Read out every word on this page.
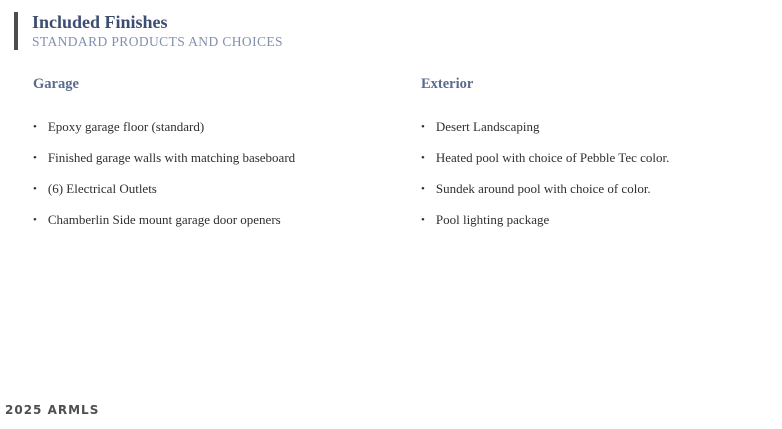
Included Finishes
STANDARD PRODUCTS AND CHOICES
Garage
• Epoxy garage floor (standard)
• Finished garage walls with matching baseboard
• (6) Electrical Outlets
• Chamberlin Side mount garage door openers
Exterior
• Desert Landscaping
• Heated pool with choice of Pebble Tec color.
• Sundek around pool with choice of color.
• Pool lighting package
2025 ARMLS
